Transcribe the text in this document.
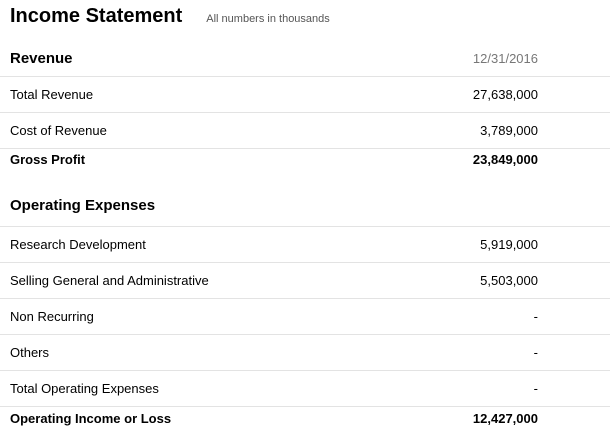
Income Statement All numbers in thousands
Revenue	12/31/2016
Total Revenue	27,638,000
Cost of Revenue	3,789,000
Gross Profit	23,849,000
Operating Expenses
Research Development	5,919,000
Selling General and Administrative	5,503,000
Non Recurring	-
Others	-
Total Operating Expenses	-
Operating Income or Loss	12,427,000
